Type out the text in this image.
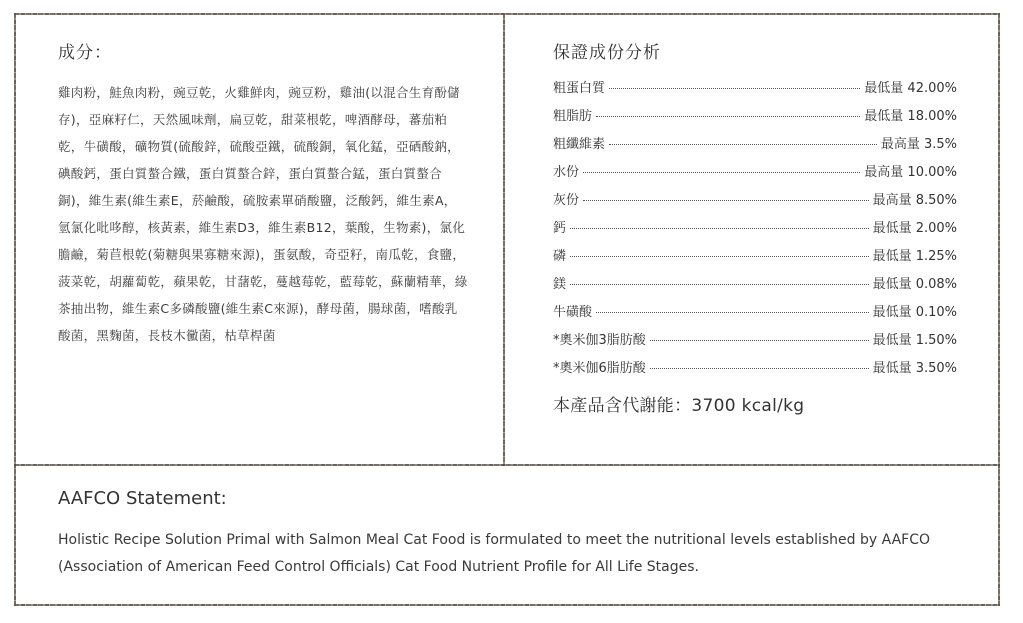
成分：

雞肉粉，鮭魚肉粉，豌豆乾，火雞鮮肉，豌豆粉，雞油(以混合生育酚儲存)，亞麻籽仁，天然風味劑，扁豆乾，甜菜根乾，啤酒酵母，蕃茄粕乾，牛磺酸，礦物質(硫酸鋅，硫酸亞鐵，硫酸銅，氧化錳，亞硒酸鈉，碘酸鈣，蛋白質螯合鐵，蛋白質螯合鋅，蛋白質螯合錳，蛋白質螯合銅)，維生素(維生素E，菸鹼酸，硫胺素單硝酸鹽，泛酸鈣，維生素A，氫氯化吡哆醇，核黃素，維生素D3，維生素B12，葉酸，生物素)，氯化膽鹼，菊苣根乾(菊糖與果寡糖來源)，蛋氨酸，奇亞籽，南瓜乾，食鹽，菠菜乾，胡蘿蔔乾，蘋果乾，甘藷乾，蔓越莓乾，藍莓乾，蘇蘭精華，綠茶抽出物，維生素C多磷酸鹽(維生素C來源)，酵母菌，腸球菌，嗜酸乳酸菌，黑麴菌，長枝木黴菌，枯草桿菌

保證成份分析
粗蛋白質	最低量 42.00%
粗脂肪	最低量 18.00%
粗纖維素	最高量 3.5%
水份	最高量 10.00%
灰份	最高量 8.50%
鈣	最低量 2.00%
磷	最低量 1.25%
鎂	最低量 0.08%
牛磺酸	最低量 0.10%
*奧米伽3脂肪酸	最低量 1.50%
*奧米伽6脂肪酸	最低量 3.50%
本產品含代謝能：3700 kcal/kg
AAFCO Statement:

Holistic Recipe Solution Primal with Salmon Meal Cat Food is formulated to meet the nutritional levels established by AAFCO
(Association of American Feed Control Officials) Cat Food Nutrient Profile for All Life Stages.
